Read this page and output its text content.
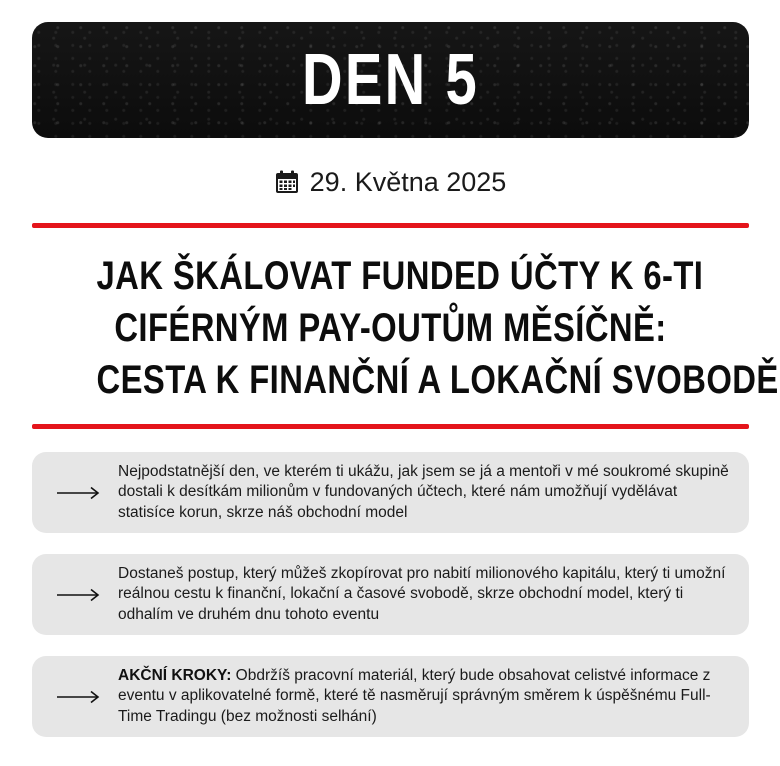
DEN 5
29. Května 2025
JAK ŠKÁLOVAT FUNDED ÚČTY K 6-TI
CIFÉRNÝM PAY-OUTŮM MĚSÍČNĚ:
CESTA K FINANČNÍ A LOKAČNÍ SVOBODĚ
Nejpodstatnější den, ve kterém ti ukážu, jak jsem se já a mentoři v mé soukromé skupině dostali k desítkám milionům v fundovaných účtech, které nám umožňují vydělávat statisíce korun, skrze náš obchodní model
Dostaneš postup, který můžeš zkopírovat pro nabití milionového kapitálu, který ti umožní reálnou cestu k finanční, lokační a časové svobodě, skrze obchodní model, který ti odhalím ve druhém dnu tohoto eventu
AKČNÍ KROKY: Obdržíš pracovní materiál, který bude obsahovat celistvé informace z eventu v aplikovatelné formě, které tě nasměrují správným směrem k úspěšnému Full-Time Tradingu (bez možnosti selhání)
